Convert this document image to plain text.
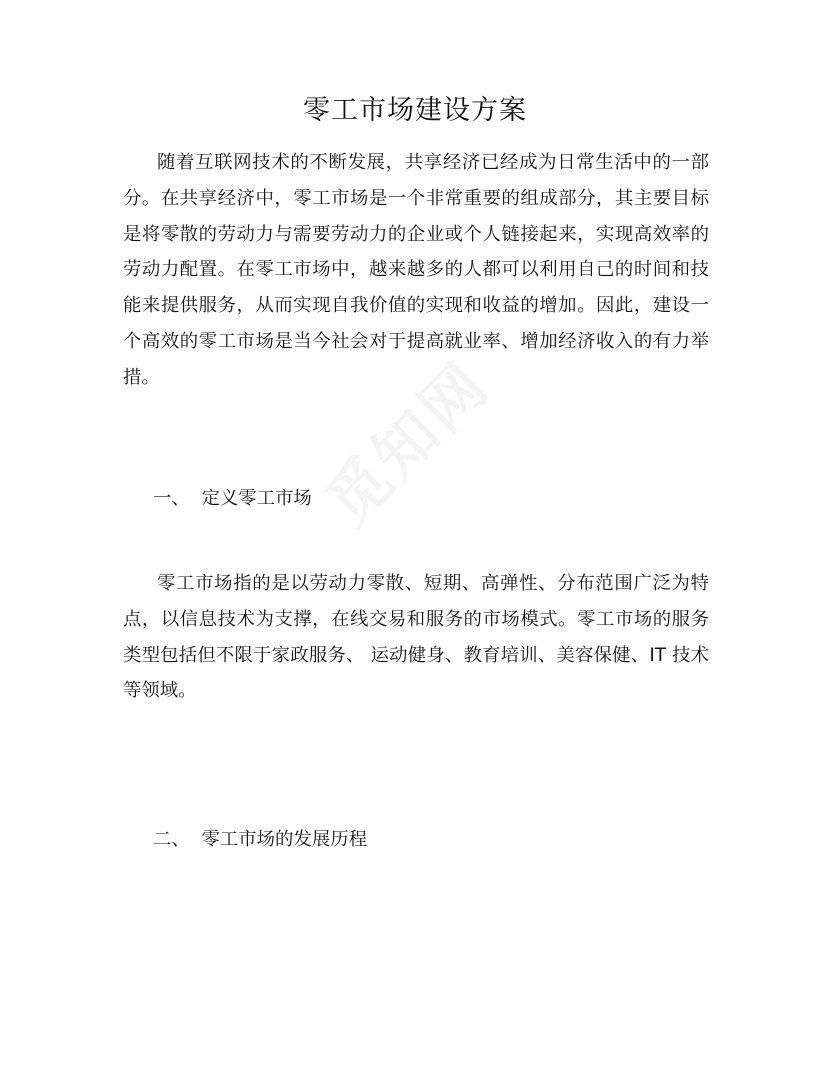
零工市场建设方案

随着互联网技术的不断发展，共享经济已经成为日常生活中的一部分。在共享经济中，零工市场是一个非常重要的组成部分，其主要目标是将零散的劳动力与需要劳动力的企业或个人链接起来，实现高效率的劳动力配置。在零工市场中，越来越多的人都可以利用自己的时间和技能来提供服务，从而实现自我价值的实现和收益的增加。因此，建设一个高效的零工市场是当今社会对于提高就业率、增加经济收入的有力举措。

一、  定义零工市场

零工市场指的是以劳动力零散、短期、高弹性、分布范围广泛为特点，以信息技术为支撑，在线交易和服务的市场模式。零工市场的服务类型包括但不限于家政服务、 运动健身、教育培训、美容保健、IT 技术等领域。

二、  零工市场的发展历程
